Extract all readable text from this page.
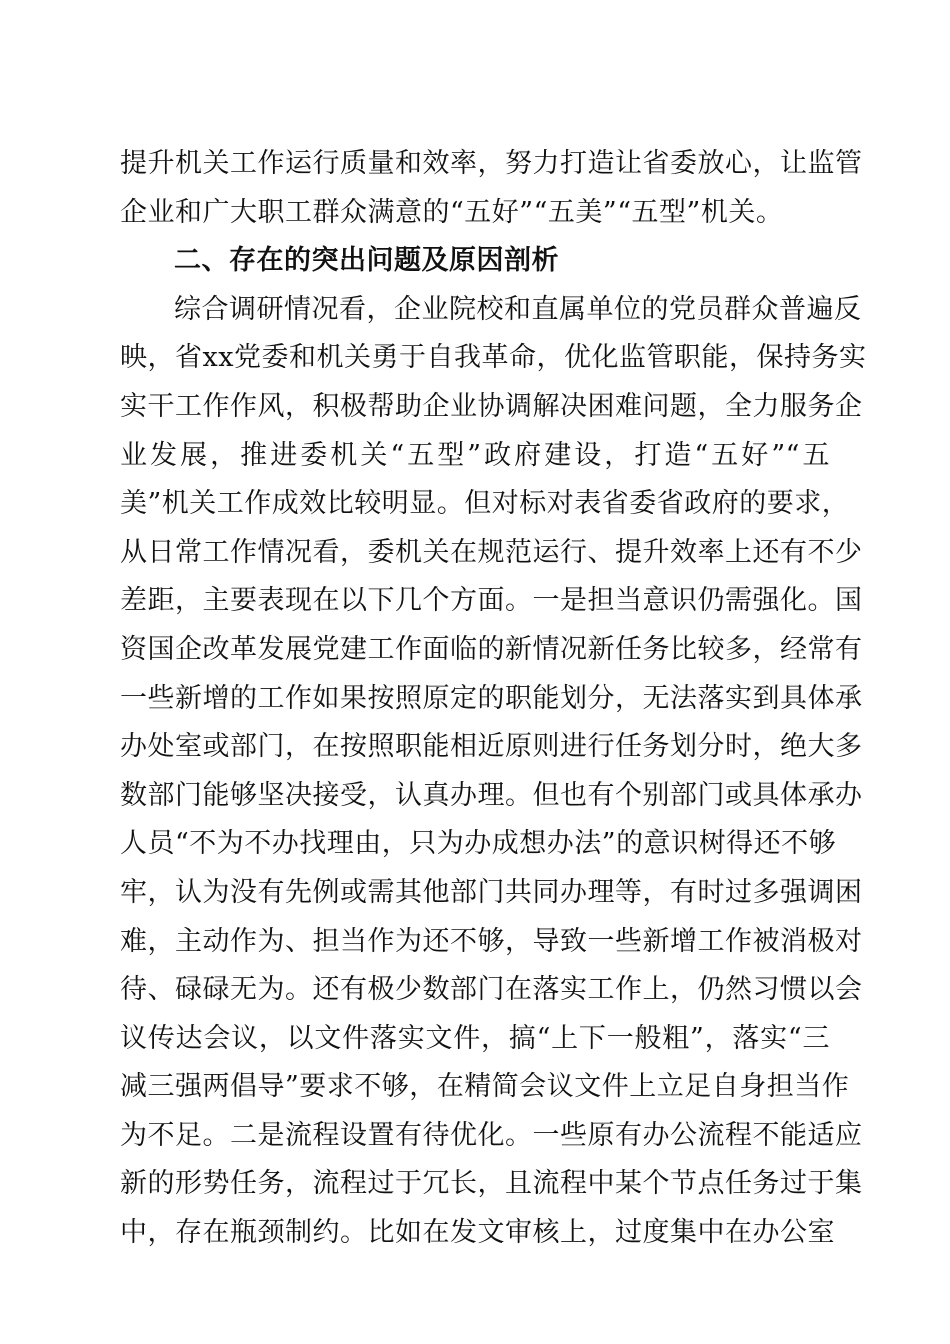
提升机关工作运行质量和效率，努力打造让省委放心，让监管
企业和广大职工群众满意的“五好”“五美”“五型”机关。
二、存在的突出问题及原因剖析
综合调研情况看，企业院校和直属单位的党员群众普遍反
映，省xx党委和机关勇于自我革命，优化监管职能，保持务实
实干工作作风，积极帮助企业协调解决困难问题，全力服务企
业发展，推进委机关“五型”政府建设，打造“五好”“五
美”机关工作成效比较明显。但对标对表省委省政府的要求，
从日常工作情况看，委机关在规范运行、提升效率上还有不少
差距，主要表现在以下几个方面。一是担当意识仍需强化。国
资国企改革发展党建工作面临的新情况新任务比较多，经常有
一些新增的工作如果按照原定的职能划分，无法落实到具体承
办处室或部门，在按照职能相近原则进行任务划分时，绝大多
数部门能够坚决接受，认真办理。但也有个别部门或具体承办
人员“不为不办找理由，只为办成想办法”的意识树得还不够
牢，认为没有先例或需其他部门共同办理等，有时过多强调困
难，主动作为、担当作为还不够，导致一些新增工作被消极对
待、碌碌无为。还有极少数部门在落实工作上，仍然习惯以会
议传达会议，以文件落实文件，搞“上下一般粗”，落实“三
减三强两倡导”要求不够，在精简会议文件上立足自身担当作
为不足。二是流程设置有待优化。一些原有办公流程不能适应
新的形势任务，流程过于冗长，且流程中某个节点任务过于集
中，存在瓶颈制约。比如在发文审核上，过度集中在办公室
